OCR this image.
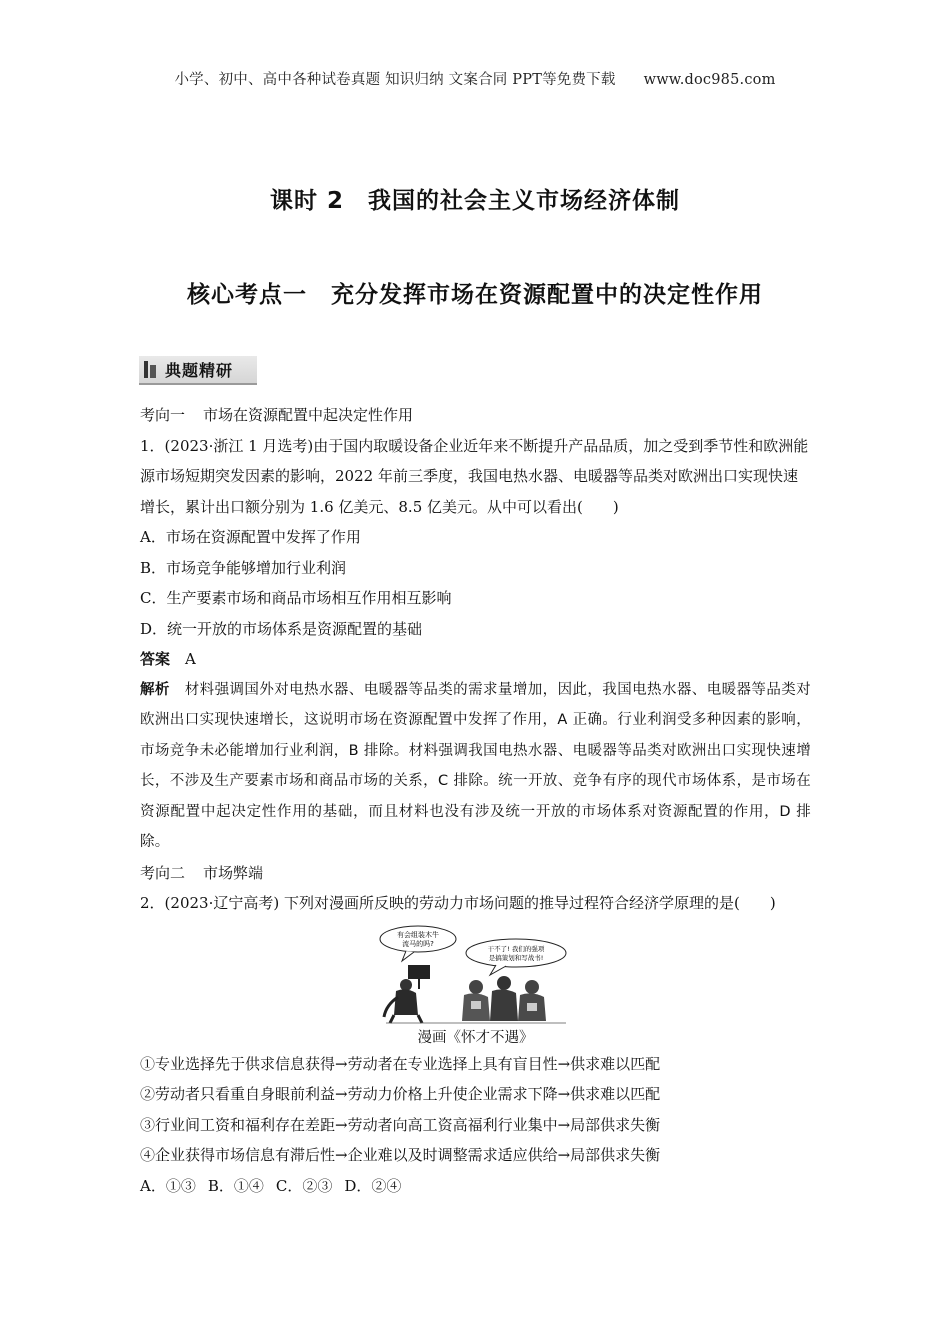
小学、初中、高中各种试卷真题 知识归纳 文案合同 PPT等免费下载 www.doc985.com
课时 2　我国的社会主义市场经济体制
核心考点一　充分发挥市场在资源配置中的决定性作用
典题精研

考向一 市场在资源配置中起决定性作用

1．(2023·浙江 1 月选考)由于国内取暖设备企业近年来不断提升产品品质，加之受到季节性和欧洲能源市场短期突发因素的影响，2022 年前三季度，我国电热水器、电暖器等品类对欧洲出口实现快速增长，累计出口额分别为 1.6 亿美元、8.5 亿美元。从中可以看出(　　)

A．市场在资源配置中发挥了作用

B．市场竞争能够增加行业利润

C．生产要素市场和商品市场相互作用相互影响

D．统一开放的市场体系是资源配置的基础

答案　 A

解析　 材料强调国外对电热水器、电暖器等品类的需求量增加，因此，我国电热水器、电暖器等品类对欧洲出口实现快速增长，这说明市场在资源配置中发挥了作用，A 正确。行业利润受多种因素的影响，市场竞争未必能增加行业利润，B 排除。材料强调我国电热水器、电暖器等品类对欧洲出口实现快速增长，不涉及生产要素市场和商品市场的关系，C 排除。统一开放、竞争有序的现代市场体系，是市场在资源配置中起决定性作用的基础，而且材料也没有涉及统一开放的市场体系对资源配置的作用，D 排除。

考向二 市场弊端

2．(2023·辽宁高考) 下列对漫画所反映的劳动力市场问题的推导过程符合经济学原理的是(　　)

有会组装木牛
流马的吗?
干不了! 我们的强项
是搞策划和写战书!
漫画《怀才不遇》

①专业选择先于供求信息获得→劳动者在专业选择上具有盲目性→供求难以匹配

②劳动者只看重自身眼前利益→劳动力价格上升使企业需求下降→供求难以匹配

③行业间工资和福利存在差距→劳动者向高工资高福利行业集中→局部供求失衡

④企业获得市场信息有滞后性→企业难以及时调整需求适应供给→局部供求失衡

A．①③ B．①④ C．②③ D．②④
